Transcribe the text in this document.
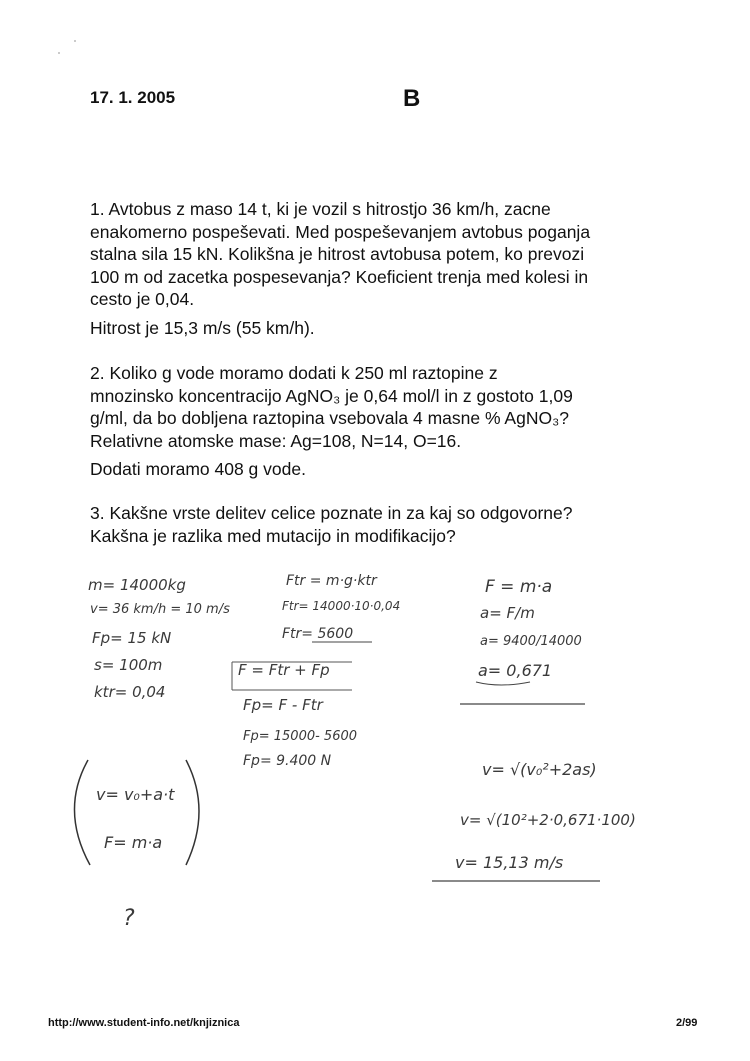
17. 1. 2005	B
1. Avtobus z maso 14 t, ki je vozil s hitrostjo 36 km/h, zacne
enakomerno pospeševati. Med pospeševanjem avtobus poganja
stalna sila 15 kN. Kolikšna je hitrost avtobusa potem, ko prevozi
100 m od zacetka pospesevanja? Koeficient trenja med kolesi in
cesto je 0,04.
Hitrost je 15,3 m/s (55 km/h).
2. Koliko g vode moramo dodati k 250 ml raztopine z
mnozinsko koncentracijo AgNO₃ je 0,64 mol/l in z gostoto 1,09
g/ml, da bo dobljena raztopina vsebovala 4 masne % AgNO₃?
Relativne atomske mase: Ag=108, N=14, O=16.
Dodati moramo 408 g vode.
3. Kakšne vrste delitev celice poznate in za kaj so odgovorne?
Kakšna je razlika med mutacijo in modifikacijo?
m= 14000kg
v= 36 km/h = 10 m/s
Fp= 15 kN
s= 100m
ktr= 0,04
Ftr = m·g·ktr
Ftr= 14000·10·0,04
Ftr= 5600
F = Ftr + Fp
Fp= F - Ftr
Fp= 15000- 5600
Fp= 9.400 N
F = m·a
a= F/m
a= 9400/14000
a= 0,671
v= v₀+a·t
F= m·a
v= √(v₀²+2as)
v= √(10²+2·0,671·100)
v= 15,13 m/s
?
http://www.student-info.net/knjiznica	2/99
